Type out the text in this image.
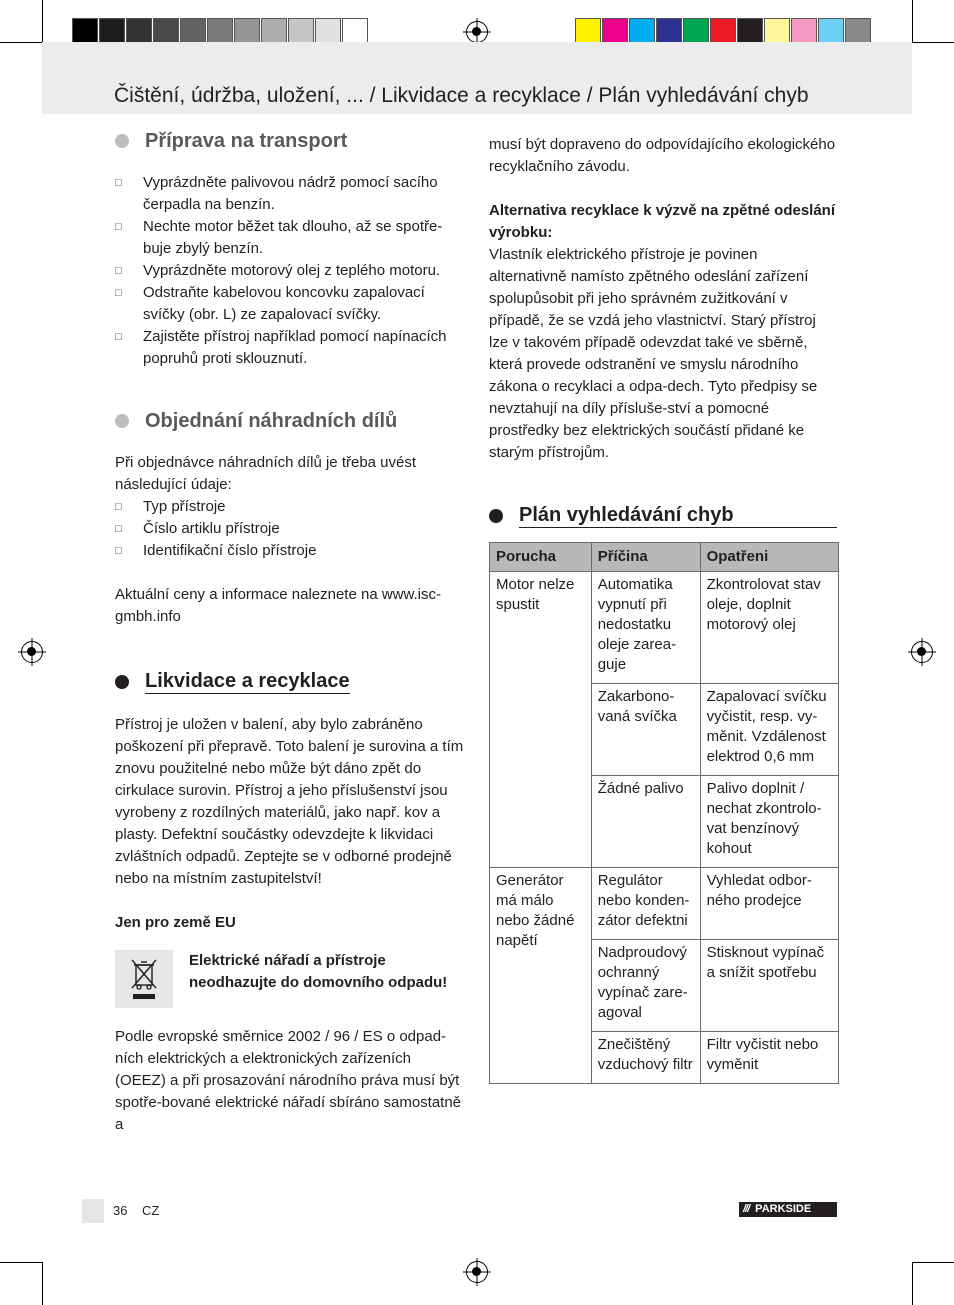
Čištění, údržba, uložení, ... / Likvidace a recyklace / Plán vyhledávání chyb
Příprava na transport
□ Vyprázdněte palivovou nádrž pomocí sacího čerpadla na benzín.
□ Nechte motor běžet tak dlouho, až se spotře-buje zbylý benzín.
□ Vyprázdněte motorový olej z teplého motoru.
□ Odstraňte kabelovou koncovku zapalovací svíčky (obr. L) ze zapalovací svíčky.
□ Zajistěte přístroj například pomocí napínacích popruhů proti sklouznutí.
Objednání náhradních dílů

Při objednávce náhradních dílů je třeba uvést následující údaje:

□ Typ přístroje
□ Číslo artiklu přístroje
□ Identifikační číslo přístroje

Aktuální ceny a informace naleznete na www.isc-gmbh.info

Likvidace a recyklace

Přístroj je uložen v balení, aby bylo zabráněno poškození při přepravě. Toto balení je surovina a tím znovu použitelné nebo může být dáno zpět do cirkulace surovin. Přístroj a jeho příslušenství jsou vyrobeny z rozdílných materiálů, jako např. kov a plasty. Defektní součástky odevzdejte k likvidaci zvláštních odpadů. Zeptejte se v odborné prodejně nebo na místním zastupitelství!

Jen pro země EU

Elektrické nářadí a přístroje neodhazujte do domovního odpadu!

Podle evropské směrnice 2002 / 96 / ES o odpad-ních elektrických a elektronických zařízeních (OEEZ) a při prosazování národního práva musí být spotře-bované elektrické nářadí sbíráno samostatně a

musí být dopraveno do odpovídajícího ekologického recyklačního závodu.

Alternativa recyklace k výzvě na zpětné odeslání výrobku:

Vlastník elektrického přístroje je povinen alternativně namísto zpětného odeslání zařízení spolupůsobit při jeho správném zužitkování v případě, že se vzdá jeho vlastnictví. Starý přístroj lze v takovém případě odevzdat také ve sběrně, která provede odstranění ve smyslu národního zákona o recyklaci a odpa-dech. Tyto předpisy se nevztahují na díly přísluše-ství a pomocné prostředky bez elektrických součástí přidané ke starým přístrojům.

Plán vyhledávání chyb
Porucha	Příčina	Opatřeni
Motor nelze spustit	Automatika vypnutí při nedostatku oleje zarea-guje	Zkontrolovat stav oleje, doplnit motorový olej
	Zakarbono-vaná svíčka	Zapalovací svíčku vyčistit, resp. vy-měnit. Vzdálenost elektrod 0,6 mm
	Žádné palivo	Palivo doplnit / nechat zkontrolo-vat benzínový kohout
Generátor má málo nebo žádné napětí	Regulátor nebo konden-zátor defektni	Vyhledat odbor-ného prodejce
	Nadproudový ochranný vypínač zare-agoval	Stisknout vypínač a snížit spotřebu
	Znečištěný vzduchový filtr	Filtr vyčistit nebo vyměnit
36 CZ	/// PARKSIDE
